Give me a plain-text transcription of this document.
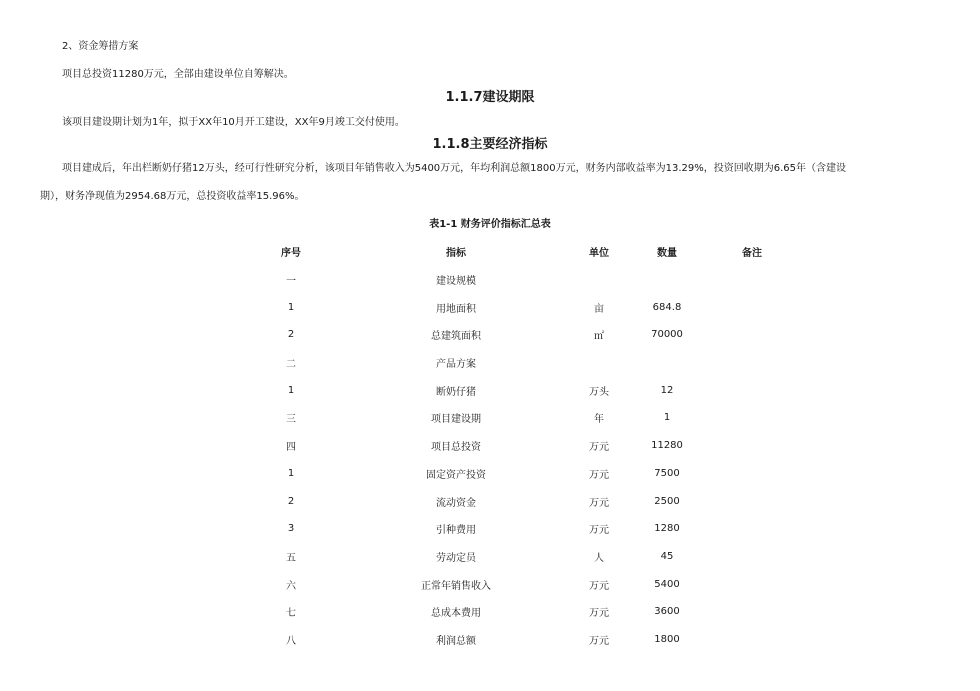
2、资金筹措方案
项目总投资11280万元，全部由建设单位自筹解决。
1.1.7建设期限
该项目建设期计划为1年，拟于XX年10月开工建设，XX年9月竣工交付使用。
1.1.8主要经济指标
项目建成后，年出栏断奶仔猪12万头，经可行性研究分析，该项目年销售收入为5400万元，年均利润总额1800万元，财务内部收益率为13.29%，投资回收期为6.65年（含建设
期），财务净现值为2954.68万元，总投资收益率15.96%。
表1-1 财务评价指标汇总表
序号	指标	单位	数量	备注
一	建设规模			
1	用地面积	亩	684.8	
2	总建筑面积	㎡	70000	
二	产品方案			
1	断奶仔猪	万头	12	
三	项目建设期	年	1	
四	项目总投资	万元	11280	
1	固定资产投资	万元	7500	
2	流动资金	万元	2500	
3	引种费用	万元	1280	
五	劳动定员	人	45	
六	正常年销售收入	万元	5400	
七	总成本费用	万元	3600	
八	利润总额	万元	1800	
